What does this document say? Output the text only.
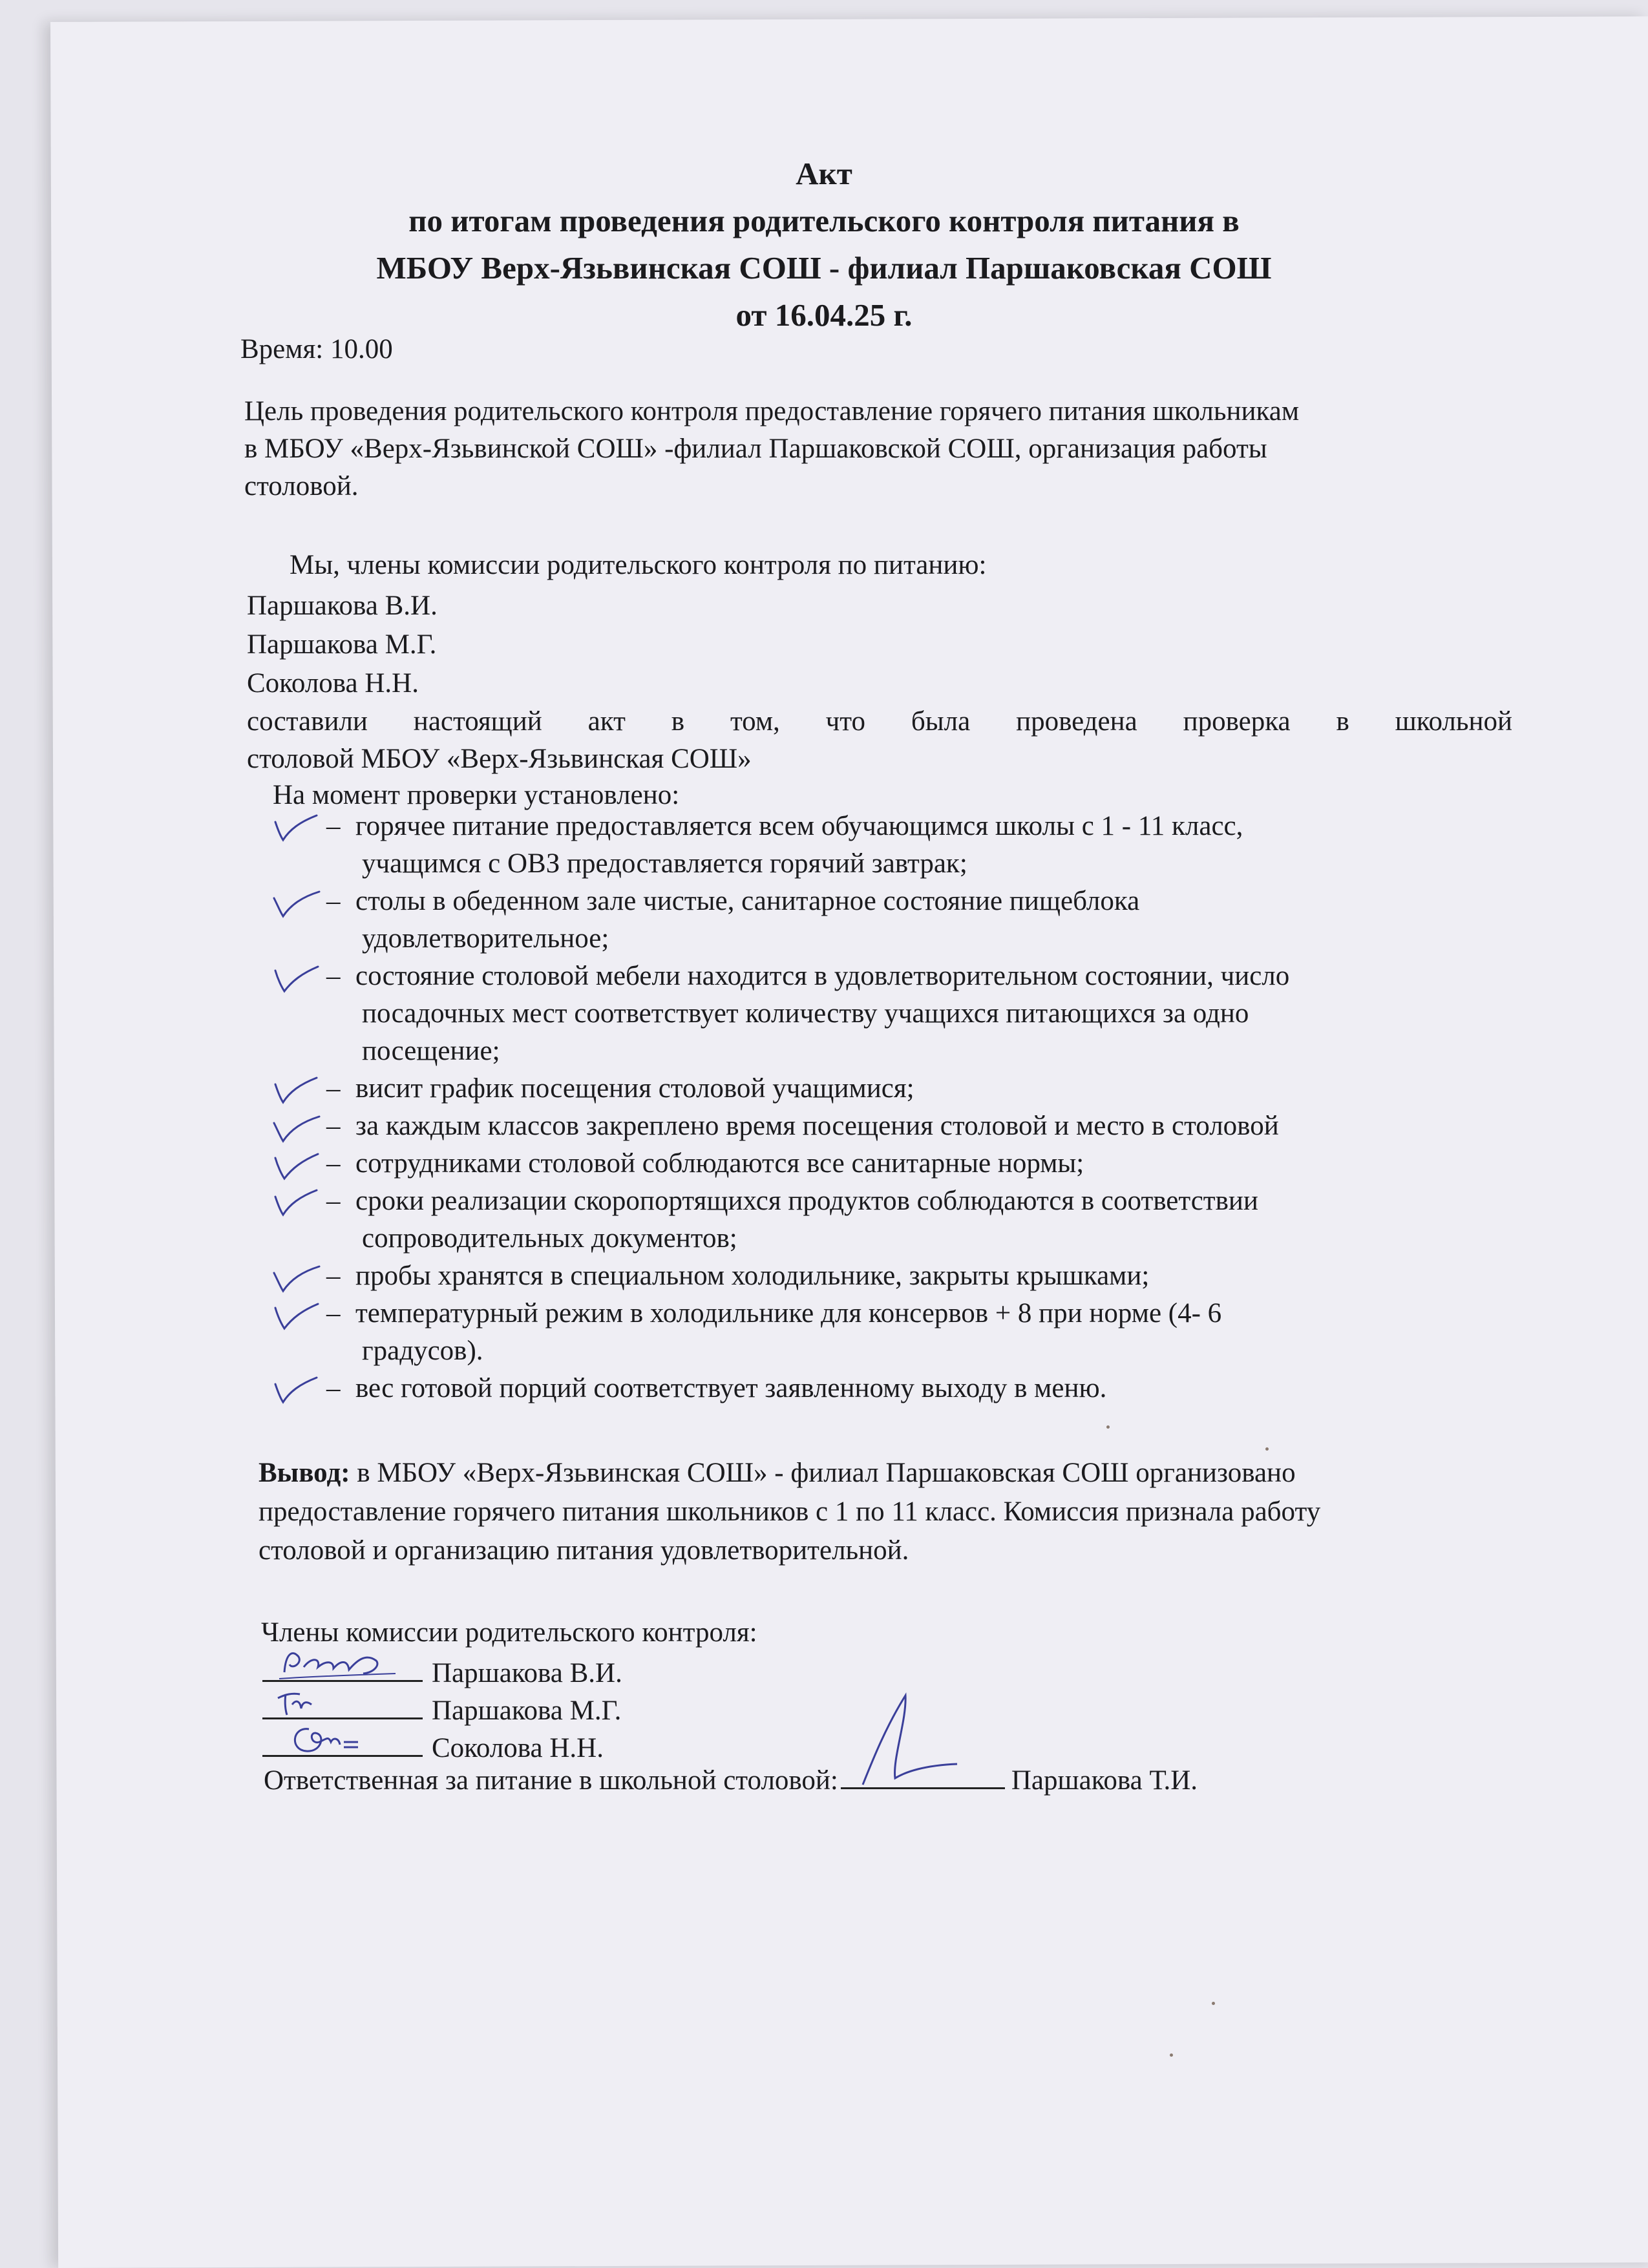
Акт
по итогам проведения родительского контроля питания в
МБОУ Верх-Язьвинская СОШ - филиал Паршаковская СОШ
от 16.04.25 г.
Время: 10.00
Цель проведения родительского контроля предоставление горячего питания школьникам
в МБОУ «Верх-Язьвинской СОШ» -филиал Паршаковской СОШ, организация работы
столовой.
Мы, члены комиссии родительского контроля по питанию:
Паршакова В.И.
Паршакова М.Г.
Соколова Н.Н.
составили настоящий акт в том, что была проведена проверка в школьной
столовой МБОУ «Верх-Язьвинская СОШ»
На момент проверки установлено:
– горячее питание предоставляется всем обучающимся школы с 1 - 11 класс,
учащимся с ОВЗ предоставляется горячий завтрак;
– столы в обеденном зале чистые, санитарное состояние пищеблока
удовлетворительное;
– состояние столовой мебели находится в удовлетворительном состоянии, число
посадочных мест соответствует количеству учащихся питающихся за одно
посещение;
– висит график посещения столовой учащимися;
– за каждым классов закреплено время посещения столовой и место в столовой
– сотрудниками столовой соблюдаются все санитарные нормы;
– сроки реализации скоропортящихся продуктов соблюдаются в соответствии
сопроводительных документов;
– пробы хранятся в специальном холодильнике, закрыты крышками;
– температурный режим в холодильнике для консервов + 8 при норме (4- 6
градусов).
– вес готовой порций соответствует заявленному выходу в меню.
Вывод: в МБОУ «Верх-Язьвинская СОШ» - филиал Паршаковская СОШ организовано
предоставление горячего питания школьников с 1 по 11 класс. Комиссия признала работу
столовой и организацию питания удовлетворительной.
Члены комиссии родительского контроля:
Паршакова В.И.
Паршакова М.Г.
Соколова Н.Н.
Ответственная за питание в школьной столовой:	Паршакова Т.И.
